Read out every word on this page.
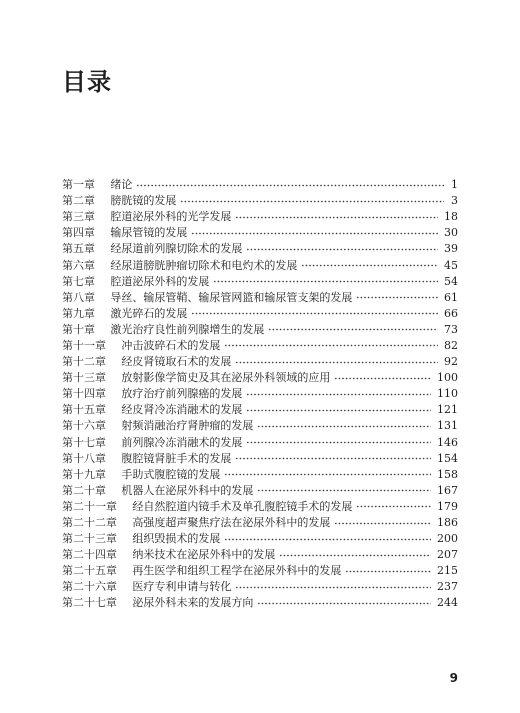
目录
第一章 绪论	1
第二章 膀胱镜的发展	3
第三章 腔道泌尿外科的光学发展	18
第四章 输尿管镜的发展	30
第五章 经尿道前列腺切除术的发展	39
第六章 经尿道膀胱肿瘤切除术和电灼术的发展	45
第七章 腔道泌尿外科的发展	54
第八章 导丝、输尿管鞘、输尿管网篮和输尿管支架的发展	61
第九章 激光碎石的发展	66
第十章 激光治疗良性前列腺增生的发展	73
第十一章 冲击波碎石术的发展	82
第十二章 经皮肾镜取石术的发展	92
第十三章 放射影像学简史及其在泌尿外科领域的应用	100
第十四章 放疗治疗前列腺癌的发展	110
第十五章 经皮肾冷冻消融术的发展	121
第十六章 射频消融治疗肾肿瘤的发展	131
第十七章 前列腺冷冻消融术的发展	146
第十八章 腹腔镜肾脏手术的发展	154
第十九章 手助式腹腔镜的发展	158
第二十章 机器人在泌尿外科中的发展	167
第二十一章 经自然腔道内镜手术及单孔腹腔镜手术的发展	179
第二十二章 高强度超声聚焦疗法在泌尿外科中的发展	186
第二十三章 组织毁损术的发展	200
第二十四章 纳米技术在泌尿外科中的发展	207
第二十五章 再生医学和组织工程学在泌尿外科中的发展	215
第二十六章 医疗专利申请与转化	237
第二十七章 泌尿外科未来的发展方向	244
9
